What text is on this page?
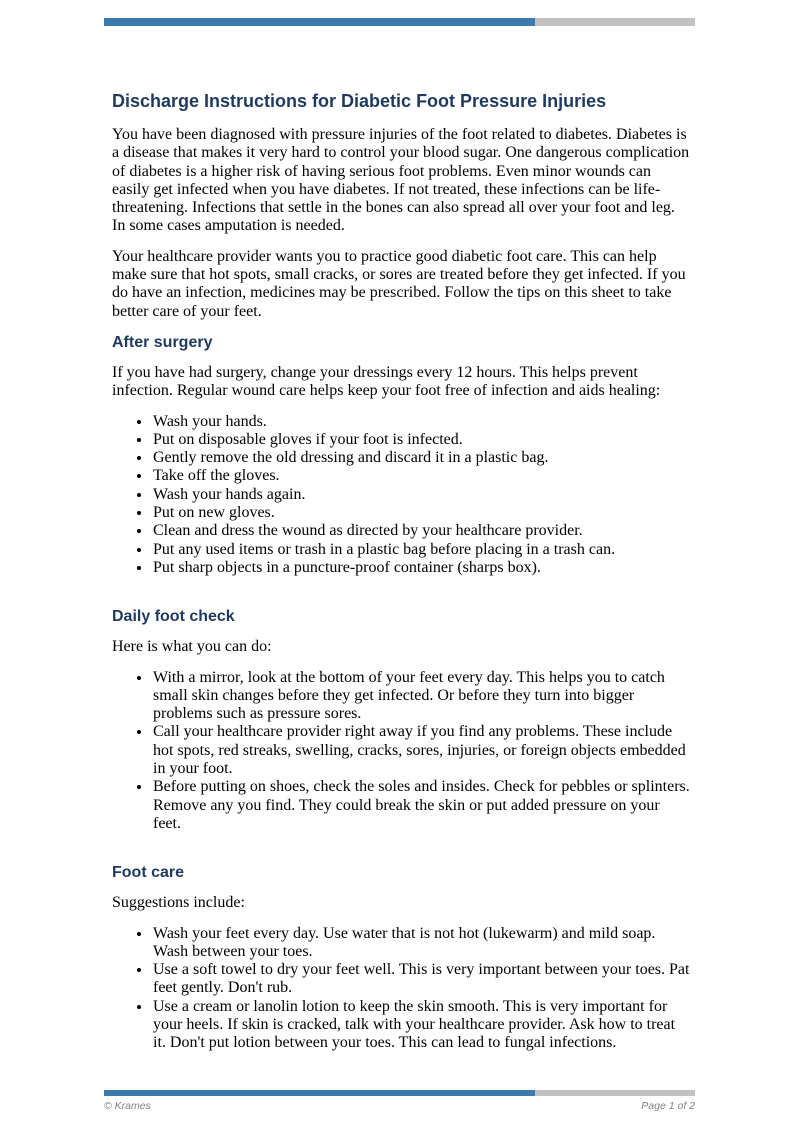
Discharge Instructions for Diabetic Foot Pressure Injuries

You have been diagnosed with pressure injuries of the foot related to diabetes. Diabetes is a disease that makes it very hard to control your blood sugar. One dangerous complication of diabetes is a higher risk of having serious foot problems. Even minor wounds can easily get infected when you have diabetes. If not treated, these infections can be life-threatening. Infections that settle in the bones can also spread all over your foot and leg. In some cases amputation is needed.

Your healthcare provider wants you to practice good diabetic foot care. This can help make sure that hot spots, small cracks, or sores are treated before they get infected. If you do have an infection, medicines may be prescribed. Follow the tips on this sheet to take better care of your feet.

After surgery

If you have had surgery, change your dressings every 12 hours. This helps prevent infection. Regular wound care helps keep your foot free of infection and aids healing:

• Wash your hands.
• Put on disposable gloves if your foot is infected.
• Gently remove the old dressing and discard it in a plastic bag.
• Take off the gloves.
• Wash your hands again.
• Put on new gloves.
• Clean and dress the wound as directed by your healthcare provider.
• Put any used items or trash in a plastic bag before placing in a trash can.
• Put sharp objects in a puncture-proof container (sharps box).
Daily foot check

Here is what you can do:

• With a mirror, look at the bottom of your feet every day. This helps you to catch small skin changes before they get infected. Or before they turn into bigger problems such as pressure sores.
• Call your healthcare provider right away if you find any problems. These include hot spots, red streaks, swelling, cracks, sores, injuries, or foreign objects embedded in your foot.
• Before putting on shoes, check the soles and insides. Check for pebbles or splinters. Remove any you find. They could break the skin or put added pressure on your feet.
Foot care

Suggestions include:

• Wash your feet every day. Use water that is not hot (lukewarm) and mild soap. Wash between your toes.
• Use a soft towel to dry your feet well. This is very important between your toes. Pat feet gently. Don't rub.
• Use a cream or lanolin lotion to keep the skin smooth. This is very important for your heels. If skin is cracked, talk with your healthcare provider. Ask how to treat it. Don't put lotion between your toes. This can lead to fungal infections.
© Krames	Page 1 of 2
